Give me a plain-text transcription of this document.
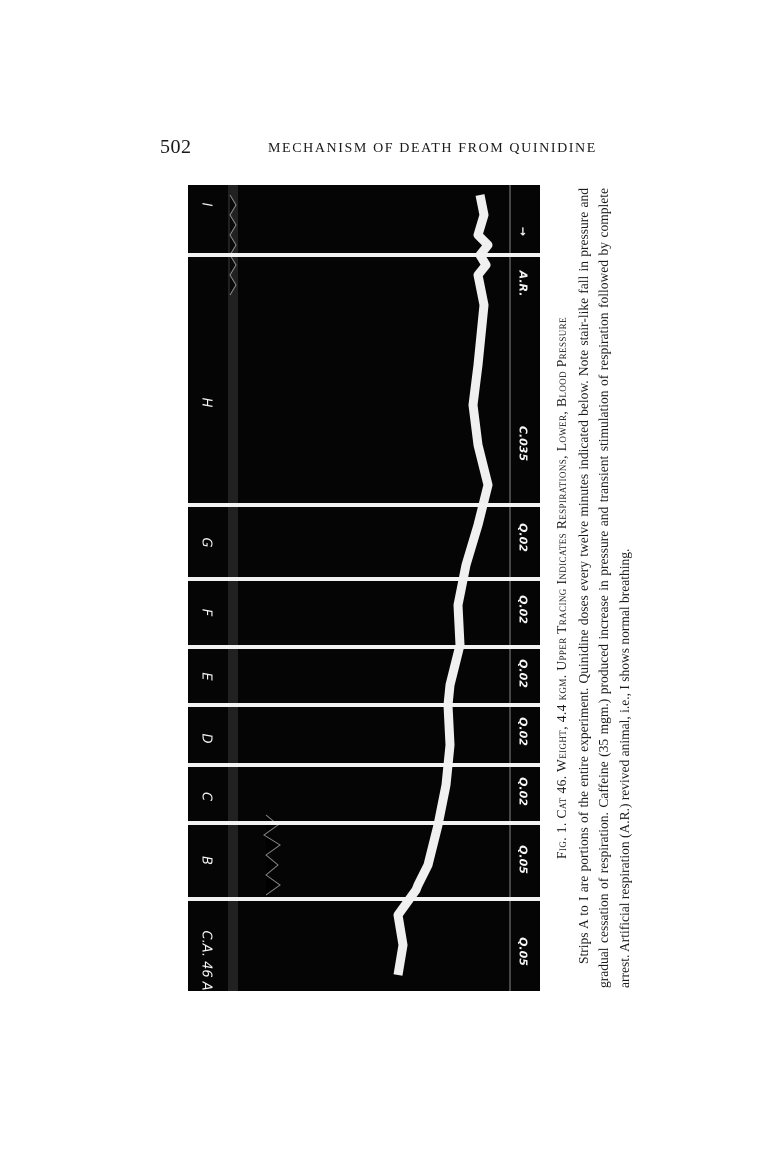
502	MECHANISM OF DEATH FROM QUINIDINE
I
H
G
F
E
D
C
B
C.A. 46 A
→
A.R.
C.035
Q.02
Q.02
Q.02
Q.02
Q.02
Q.05
Q.05
Fig. 1. Cat 46. Weight, 4.4 kgm. Upper Tracing Indicates Respirations, Lower, Blood Pressure Strips A to I are portions of the entire experiment. Quinidine doses every twelve minutes indicated below. Note stair-like fall in pressure and gradual cessation of respiration. Caffeine (35 mgm.) produced increase in pressure and transient stimulation of respiration followed by complete arrest. Artificial respiration (A.R.) revived animal, i.e., I shows normal breathing.
